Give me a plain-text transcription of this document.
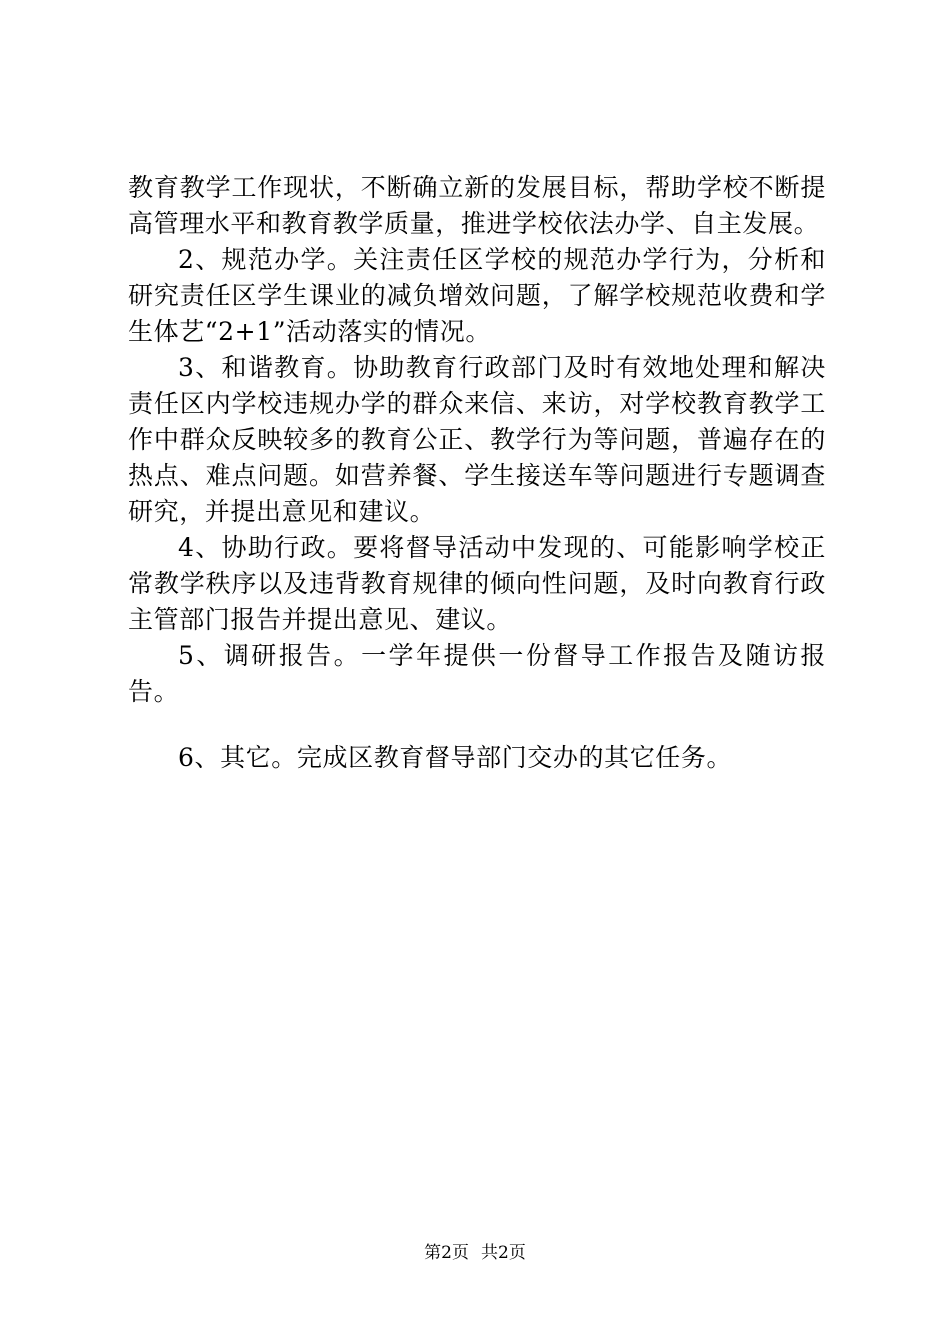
教育教学工作现状，不断确立新的发展目标，帮助学校不断提高管理水平和教育教学质量，推进学校依法办学、自主发展。

2、规范办学。关注责任区学校的规范办学行为，分析和研究责任区学生课业的减负增效问题，了解学校规范收费和学生体艺“2+1”活动落实的情况。

3、和谐教育。协助教育行政部门及时有效地处理和解决责任区内学校违规办学的群众来信、来访，对学校教育教学工作中群众反映较多的教育公正、教学行为等问题，普遍存在的热点、难点问题。如营养餐、学生接送车等问题进行专题调查研究，并提出意见和建议。

4、协助行政。要将督导活动中发现的、可能影响学校正常教学秩序以及违背教育规律的倾向性问题，及时向教育行政主管部门报告并提出意见、建议。

5、调研报告。一学年提供一份督导工作报告及随访报告。

6、其它。完成区教育督导部门交办的其它任务。

第2页 共2页
